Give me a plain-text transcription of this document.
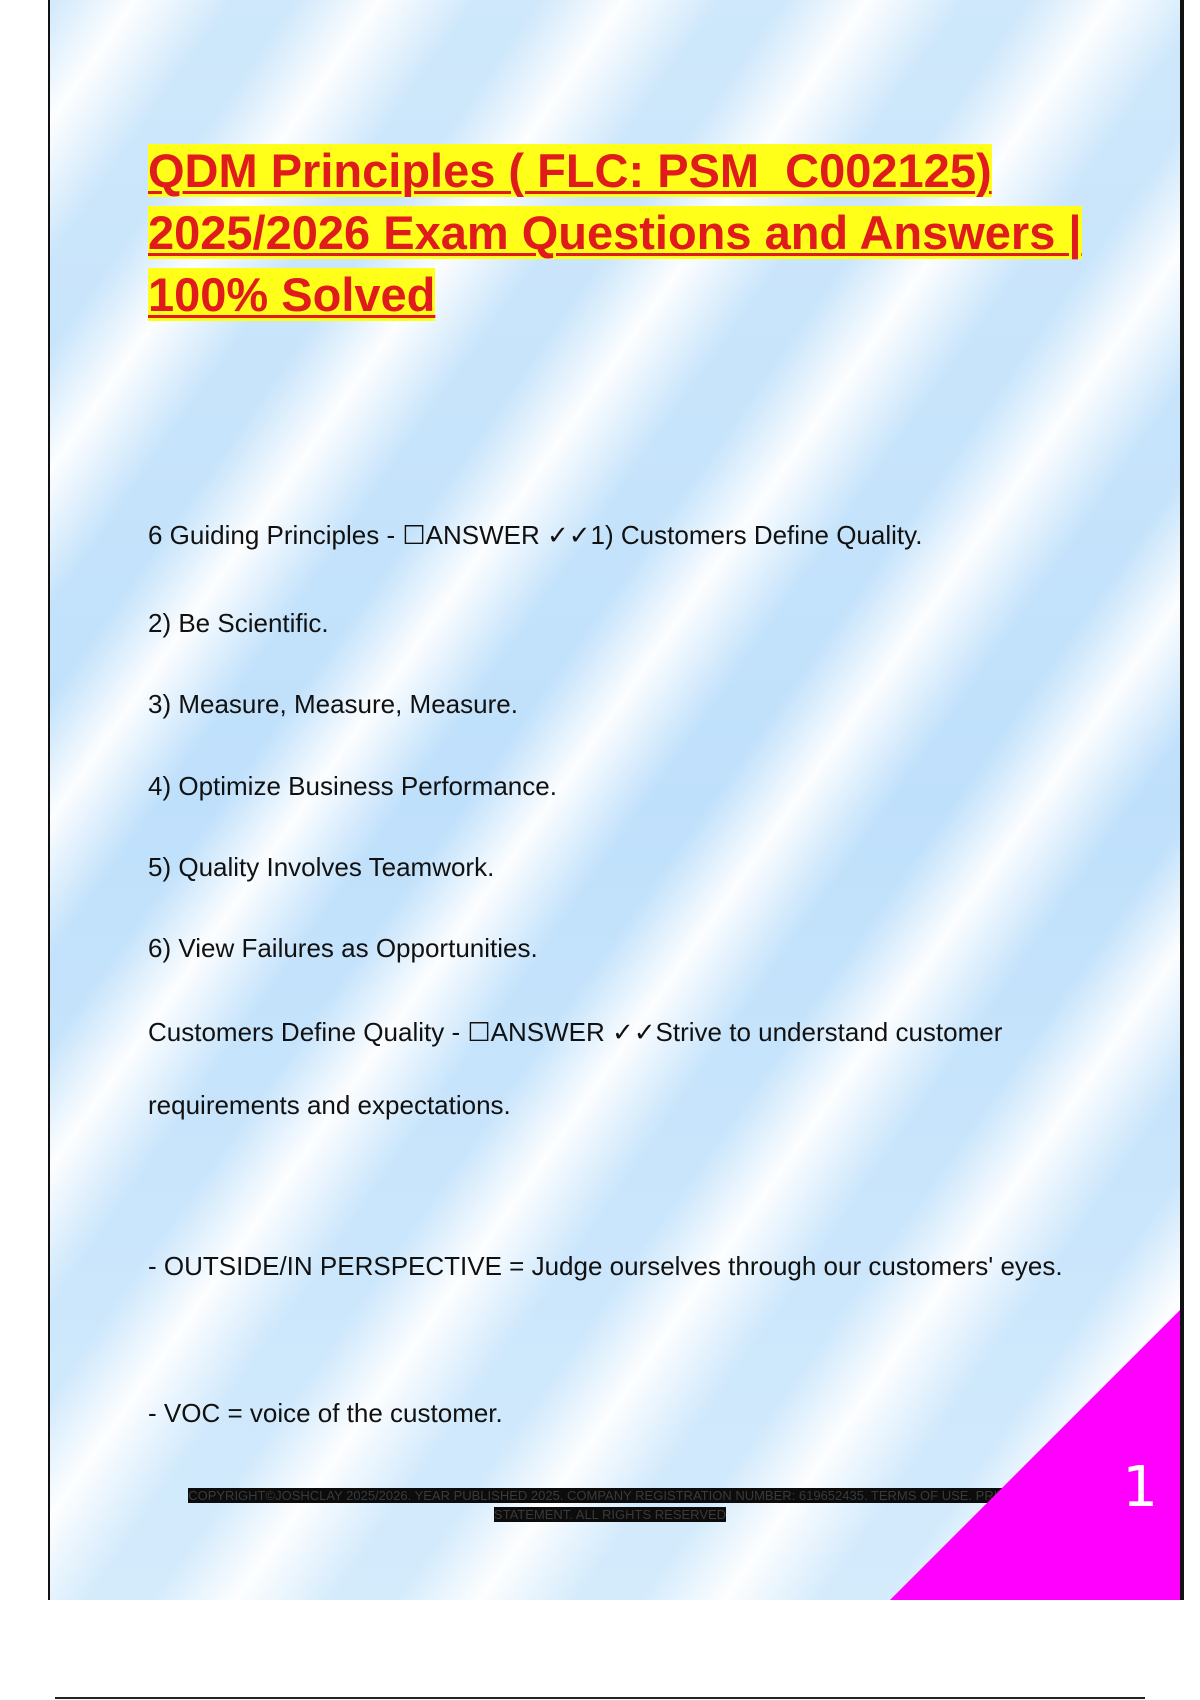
QDM Principles ( FLC: PSM_C002125) 2025/2026 Exam Questions and Answers | 100% Solved

6 Guiding Principles - ☐ANSWER ✓✓1) Customers Define Quality.

2) Be Scientific.

3) Measure, Measure, Measure.

4) Optimize Business Performance.

5) Quality Involves Teamwork.

6) View Failures as Opportunities.

Customers Define Quality - ☐ANSWER ✓✓Strive to understand customer requirements and expectations.

- OUTSIDE/IN PERSPECTIVE = Judge ourselves through our customers' eyes.

- VOC = voice of the customer.

COPYRIGHT©JOSHCLAY 2025/2026. YEAR PUBLISHED 2025. COMPANY REGISTRATION NUMBER: 619652435. TERMS OF USE. PRIVACY STATEMENT. ALL RIGHTS RESERVED	1
